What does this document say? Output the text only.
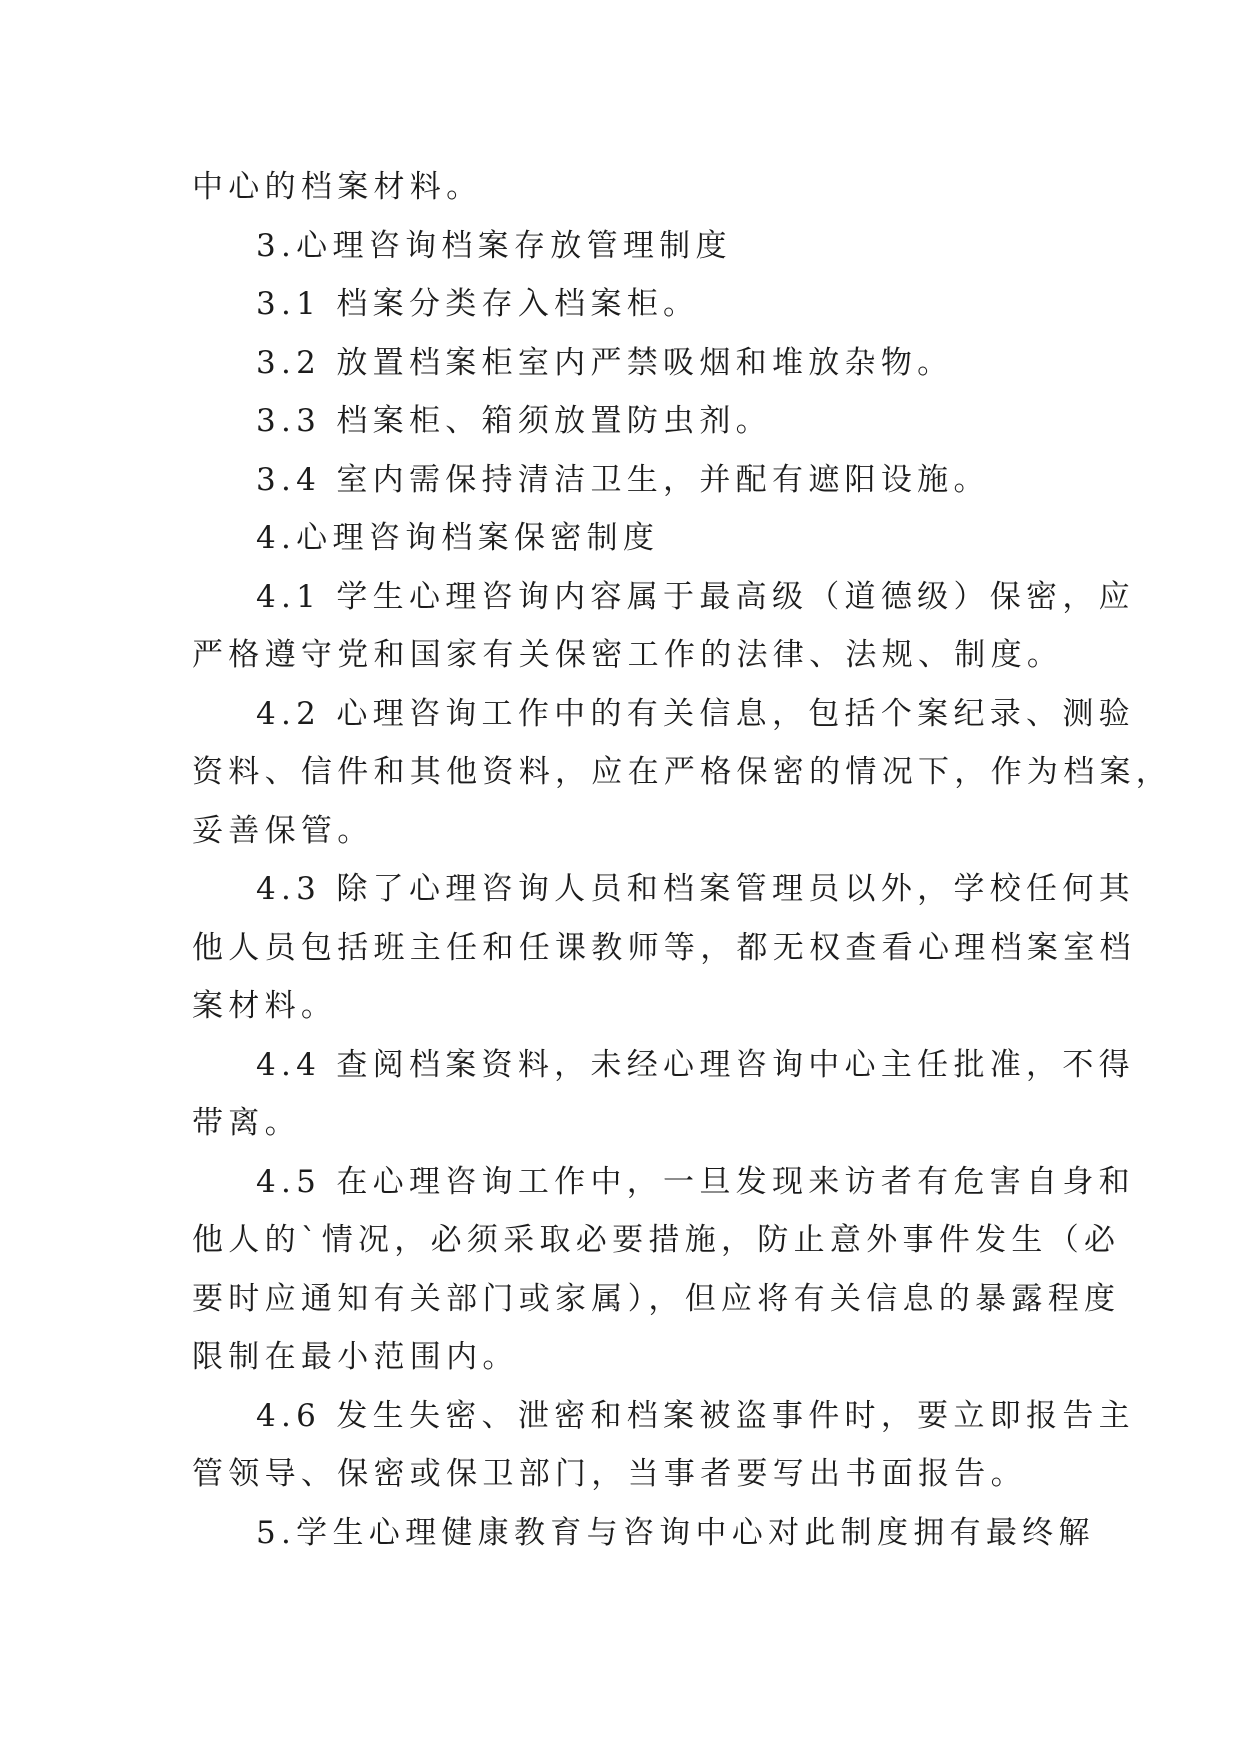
中心的档案材料。
3.心理咨询档案存放管理制度
3.1 档案分类存入档案柜。
3.2 放置档案柜室内严禁吸烟和堆放杂物。
3.3 档案柜、箱须放置防虫剂。
3.4 室内需保持清洁卫生，并配有遮阳设施。
4.心理咨询档案保密制度
4.1 学生心理咨询内容属于最高级（道德级）保密，应
严格遵守党和国家有关保密工作的法律、法规、制度。
4.2 心理咨询工作中的有关信息，包括个案纪录、测验
资料、信件和其他资料，应在严格保密的情况下，作为档案，
妥善保管。
4.3 除了心理咨询人员和档案管理员以外，学校任何其
他人员包括班主任和任课教师等，都无权查看心理档案室档
案材料。
4.4 查阅档案资料，未经心理咨询中心主任批准，不得
带离。
4.5 在心理咨询工作中，一旦发现来访者有危害自身和
他人的`情况，必须采取必要措施，防止意外事件发生（必
要时应通知有关部门或家属），但应将有关信息的暴露程度
限制在最小范围内。
4.6 发生失密、泄密和档案被盗事件时，要立即报告主
管领导、保密或保卫部门，当事者要写出书面报告。
5.学生心理健康教育与咨询中心对此制度拥有最终解
